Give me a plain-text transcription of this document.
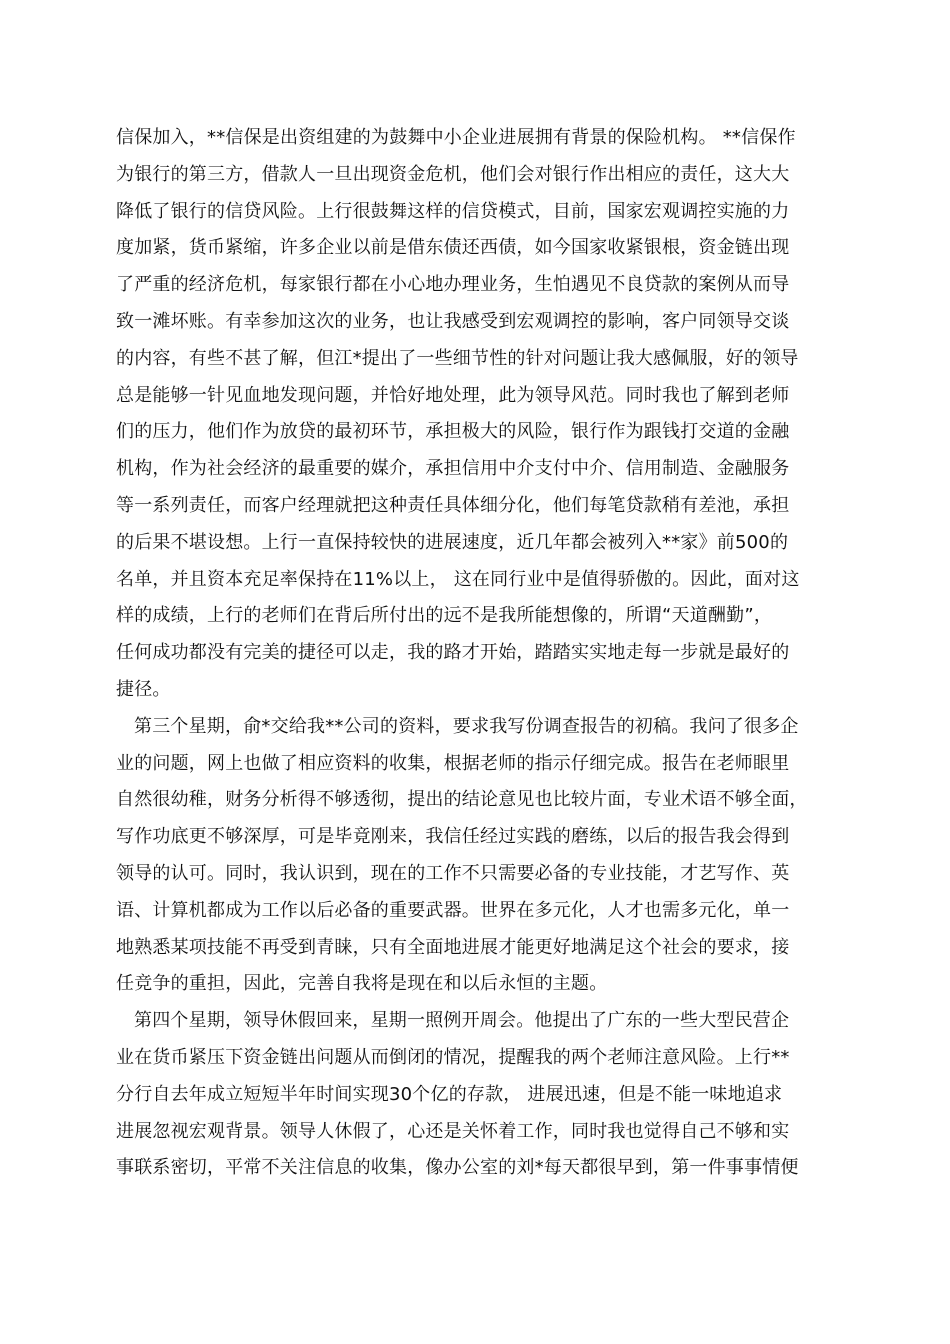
信保加入，**信保是出资组建的为鼓舞中小企业进展拥有背景的保险机构。 **信保作
为银行的第三方，借款人一旦出现资金危机，他们会对银行作出相应的责任，这大大
降低了银行的信贷风险。上行很鼓舞这样的信贷模式，目前，国家宏观调控实施的力
度加紧，货币紧缩，许多企业以前是借东债还西债，如今国家收紧银根，资金链出现
了严重的经济危机，每家银行都在小心地办理业务，生怕遇见不良贷款的案例从而导
致一滩坏账。有幸参加这次的业务，也让我感受到宏观调控的影响，客户同领导交谈
的内容，有些不甚了解，但江*提出了一些细节性的针对问题让我大感佩服，好的领导
总是能够一针见血地发现问题，并恰好地处理，此为领导风范。同时我也了解到老师
们的压力，他们作为放贷的最初环节，承担极大的风险，银行作为跟钱打交道的金融
机构，作为社会经济的最重要的媒介，承担信用中介支付中介、信用制造、金融服务
等一系列责任，而客户经理就把这种责任具体细分化，他们每笔贷款稍有差池，承担
的后果不堪设想。上行一直保持较快的进展速度，近几年都会被列入**家》前500的
名单，并且资本充足率保持在11%以上， 这在同行业中是值得骄傲的。因此，面对这
样的成绩，上行的老师们在背后所付出的远不是我所能想像的，所谓“天道酬勤”，
任何成功都没有完美的捷径可以走，我的路才开始，踏踏实实地走每一步就是最好的
捷径。
第三个星期，俞*交给我**公司的资料，要求我写份调查报告的初稿。我问了很多企
业的问题，网上也做了相应资料的收集，根据老师的指示仔细完成。报告在老师眼里
自然很幼稚，财务分析得不够透彻，提出的结论意见也比较片面，专业术语不够全面，
写作功底更不够深厚，可是毕竟刚来，我信任经过实践的磨练，以后的报告我会得到
领导的认可。同时，我认识到，现在的工作不只需要必备的专业技能，才艺写作、英
语、计算机都成为工作以后必备的重要武器。世界在多元化，人才也需多元化，单一
地熟悉某项技能不再受到青睐，只有全面地进展才能更好地满足这个社会的要求，接
任竞争的重担，因此，完善自我将是现在和以后永恒的主题。
第四个星期，领导休假回来，星期一照例开周会。他提出了广东的一些大型民营企
业在货币紧压下资金链出问题从而倒闭的情况，提醒我的两个老师注意风险。上行**
分行自去年成立短短半年时间实现30个亿的存款， 进展迅速，但是不能一味地追求
进展忽视宏观背景。领导人休假了，心还是关怀着工作，同时我也觉得自己不够和实
事联系密切，平常不关注信息的收集，像办公室的刘*每天都很早到，第一件事事情便
